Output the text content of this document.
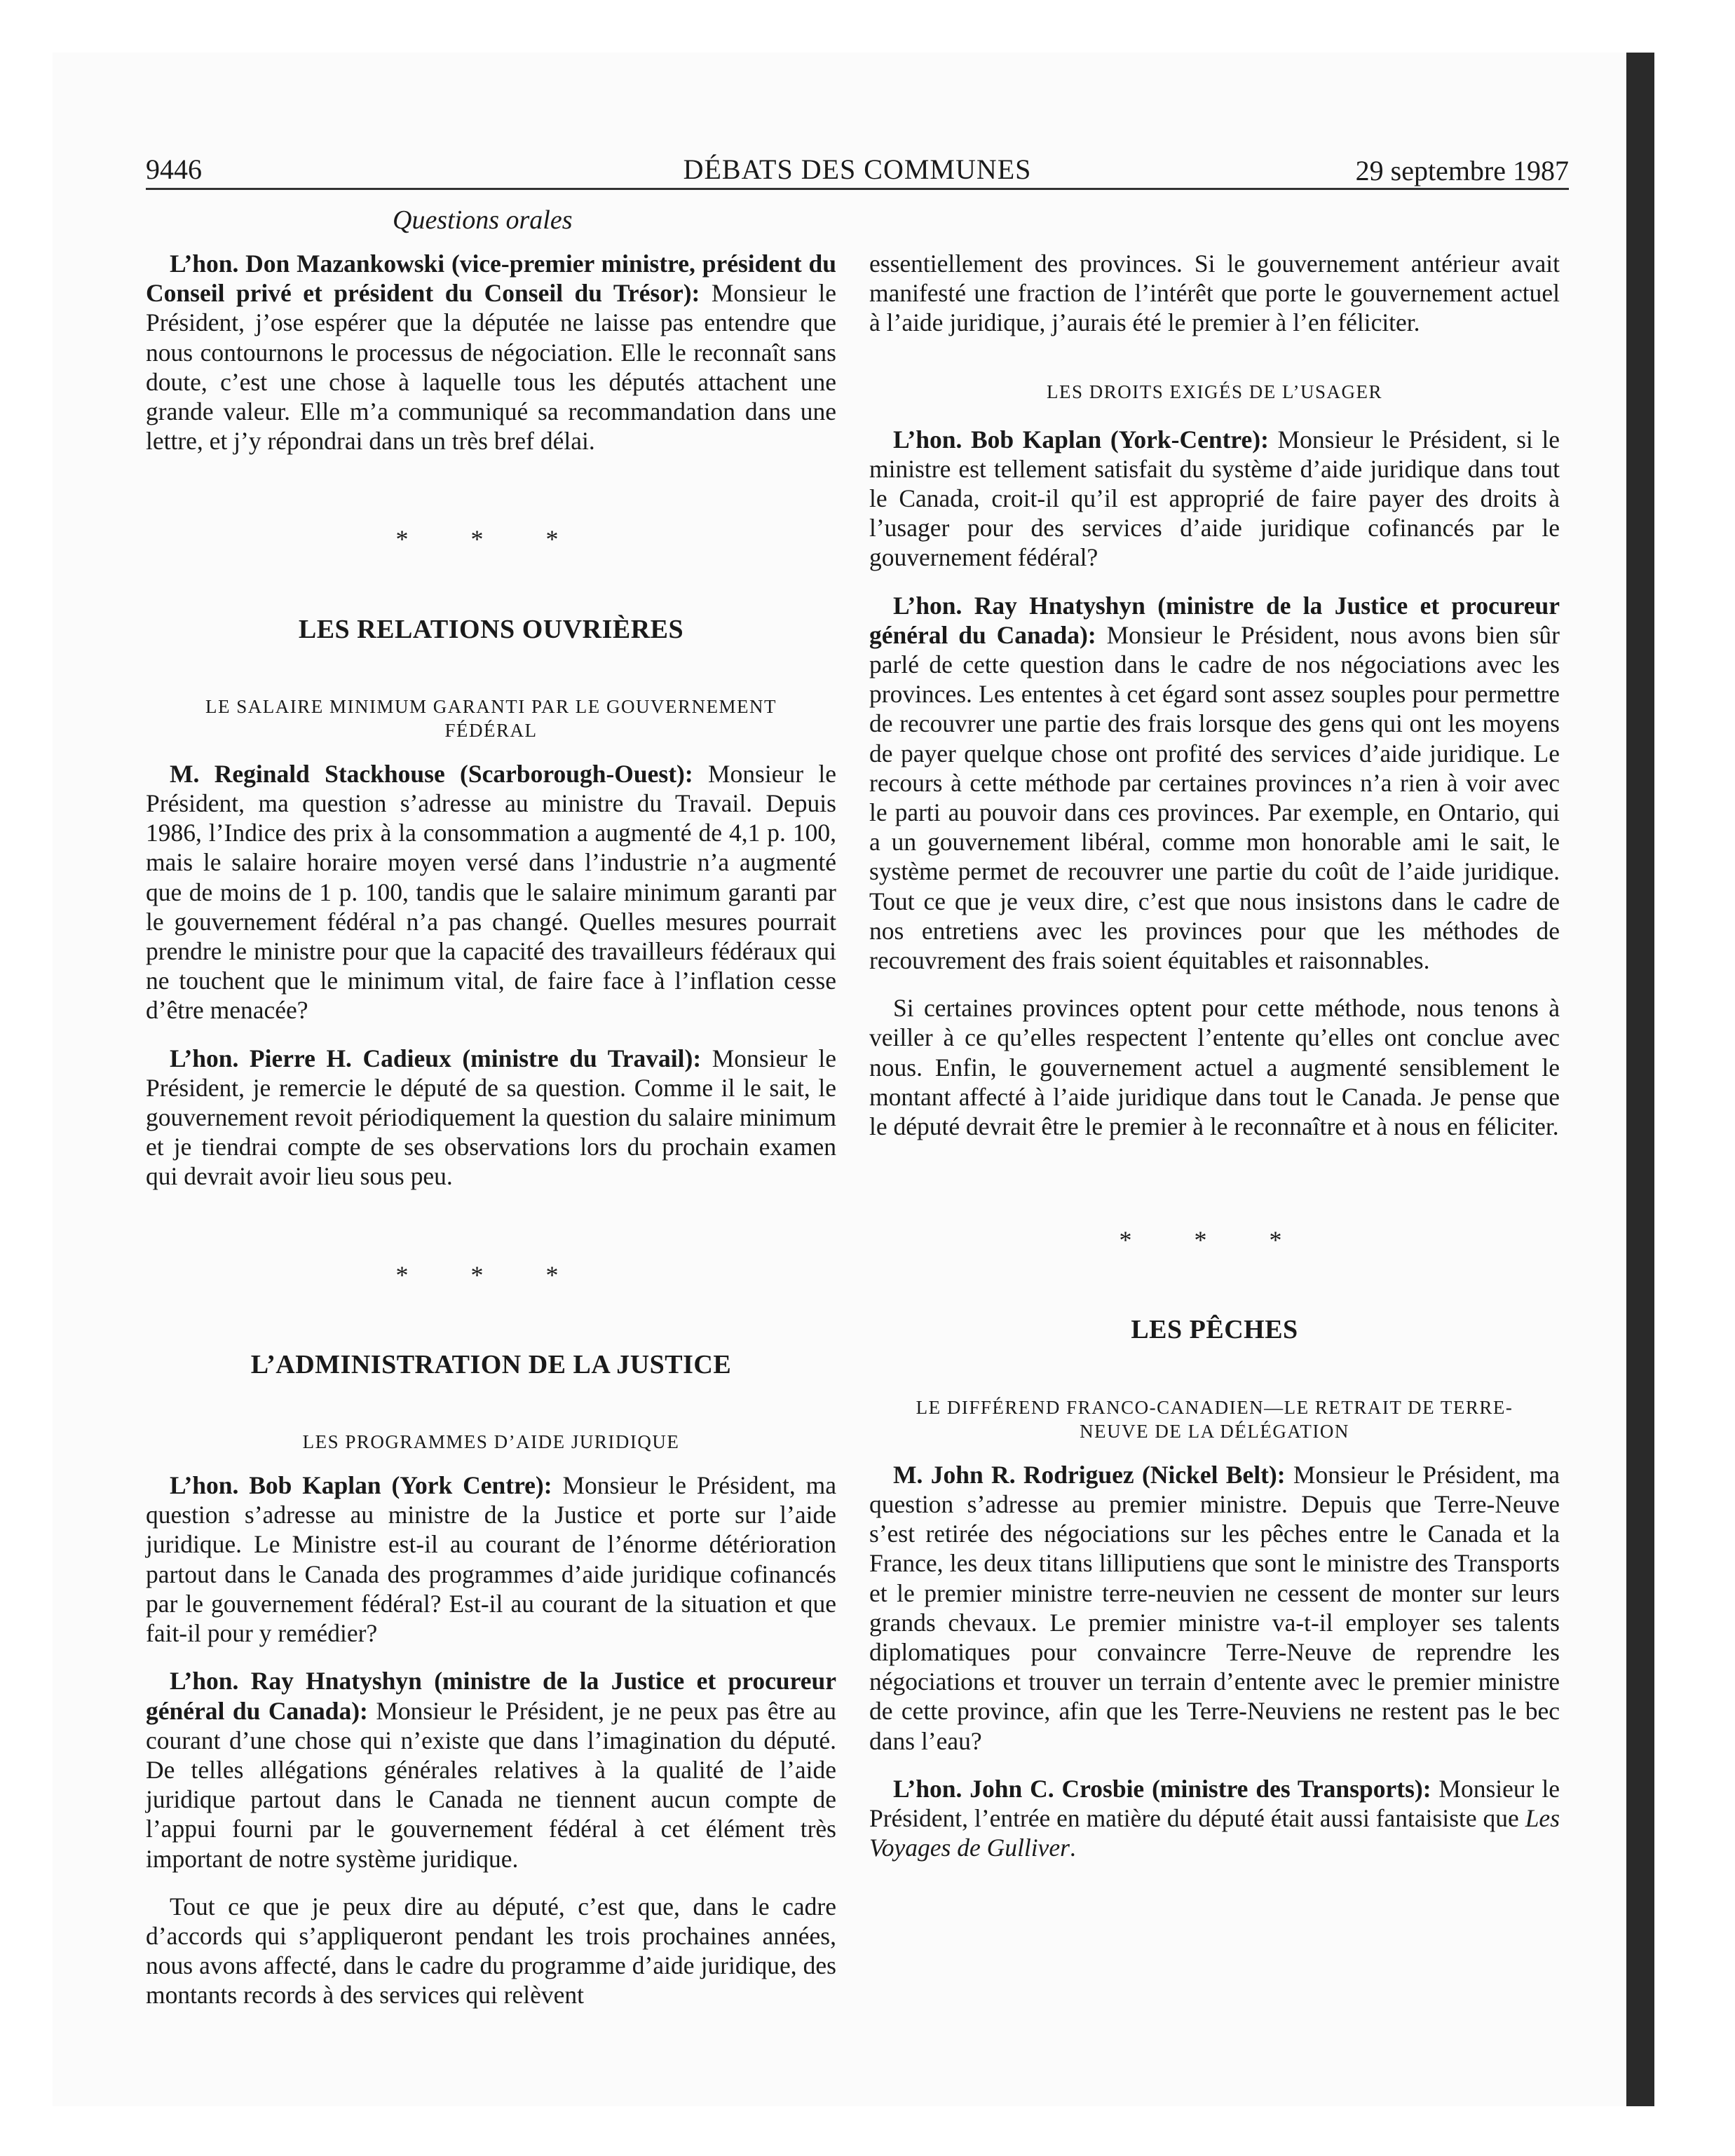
9446	DÉBATS DES COMMUNES	29 septembre 1987
Questions orales

L’hon. Don Mazankowski (vice-premier ministre, président du Conseil privé et président du Conseil du Trésor): Monsieur le Président, j’ose espérer que la députée ne laisse pas entendre que nous contournons le processus de négociation. Elle le reconnaît sans doute, c’est une chose à laquelle tous les députés attachent une grande valeur. Elle m’a communiqué sa recommandation dans une lettre, et j’y répondrai dans un très bref délai.

* * *
LES RELATIONS OUVRIÈRES
LE SALAIRE MINIMUM GARANTI PAR LE GOUVERNEMENT FÉDÉRAL

M. Reginald Stackhouse (Scarborough-Ouest): Monsieur le Président, ma question s’adresse au ministre du Travail. Depuis 1986, l’Indice des prix à la consommation a augmenté de 4,1 p. 100, mais le salaire horaire moyen versé dans l’industrie n’a augmenté que de moins de 1 p. 100, tandis que le salaire minimum garanti par le gouvernement fédéral n’a pas changé. Quelles mesures pourrait prendre le ministre pour que la capacité des travailleurs fédéraux qui ne touchent que le minimum vital, de faire face à l’inflation cesse d’être menacée?

L’hon. Pierre H. Cadieux (ministre du Travail): Monsieur le Président, je remercie le député de sa question. Comme il le sait, le gouvernement revoit périodiquement la question du salaire minimum et je tiendrai compte de ses observations lors du prochain examen qui devrait avoir lieu sous peu.

* * *
L’ADMINISTRATION DE LA JUSTICE
LES PROGRAMMES D’AIDE JURIDIQUE

L’hon. Bob Kaplan (York Centre): Monsieur le Président, ma question s’adresse au ministre de la Justice et porte sur l’aide juridique. Le Ministre est-il au courant de l’énorme détérioration partout dans le Canada des programmes d’aide juridique cofinancés par le gouvernement fédéral? Est-il au courant de la situation et que fait-il pour y remédier?

L’hon. Ray Hnatyshyn (ministre de la Justice et procureur général du Canada): Monsieur le Président, je ne peux pas être au courant d’une chose qui n’existe que dans l’imagination du député. De telles allégations générales relatives à la qualité de l’aide juridique partout dans le Canada ne tiennent aucun compte de l’appui fourni par le gouvernement fédéral à cet élément très important de notre système juridique.

Tout ce que je peux dire au député, c’est que, dans le cadre d’accords qui s’appliqueront pendant les trois prochaines années, nous avons affecté, dans le cadre du programme d’aide juridique, des montants records à des services qui relèvent

essentiellement des provinces. Si le gouvernement antérieur avait manifesté une fraction de l’intérêt que porte le gouvernement actuel à l’aide juridique, j’aurais été le premier à l’en féliciter.

LES DROITS EXIGÉS DE L’USAGER

L’hon. Bob Kaplan (York-Centre): Monsieur le Président, si le ministre est tellement satisfait du système d’aide juridique dans tout le Canada, croit-il qu’il est approprié de faire payer des droits à l’usager pour des services d’aide juridique cofinancés par le gouvernement fédéral?

L’hon. Ray Hnatyshyn (ministre de la Justice et procureur général du Canada): Monsieur le Président, nous avons bien sûr parlé de cette question dans le cadre de nos négociations avec les provinces. Les ententes à cet égard sont assez souples pour permettre de recouvrer une partie des frais lorsque des gens qui ont les moyens de payer quelque chose ont profité des services d’aide juridique. Le recours à cette méthode par certaines provinces n’a rien à voir avec le parti au pouvoir dans ces provinces. Par exemple, en Ontario, qui a un gouvernement libéral, comme mon honorable ami le sait, le système permet de recouvrer une partie du coût de l’aide juridique. Tout ce que je veux dire, c’est que nous insistons dans le cadre de nos entretiens avec les provinces pour que les méthodes de recouvrement des frais soient équitables et raisonnables.

Si certaines provinces optent pour cette méthode, nous tenons à veiller à ce qu’elles respectent l’entente qu’elles ont conclue avec nous. Enfin, le gouvernement actuel a augmenté sensiblement le montant affecté à l’aide juridique dans tout le Canada. Je pense que le député devrait être le premier à le reconnaître et à nous en féliciter.

* * *
LES PÊCHES
LE DIFFÉREND FRANCO-CANADIEN—LE RETRAIT DE TERRE-NEUVE DE LA DÉLÉGATION

M. John R. Rodriguez (Nickel Belt): Monsieur le Président, ma question s’adresse au premier ministre. Depuis que Terre-Neuve s’est retirée des négociations sur les pêches entre le Canada et la France, les deux titans lilliputiens que sont le ministre des Transports et le premier ministre terre-neuvien ne cessent de monter sur leurs grands chevaux. Le premier ministre va-t-il employer ses talents diplomatiques pour convaincre Terre-Neuve de reprendre les négociations et trouver un terrain d’entente avec le premier ministre de cette province, afin que les Terre-Neuviens ne restent pas le bec dans l’eau?

L’hon. John C. Crosbie (ministre des Transports): Monsieur le Président, l’entrée en matière du député était aussi fantaisiste que Les Voyages de Gulliver.
